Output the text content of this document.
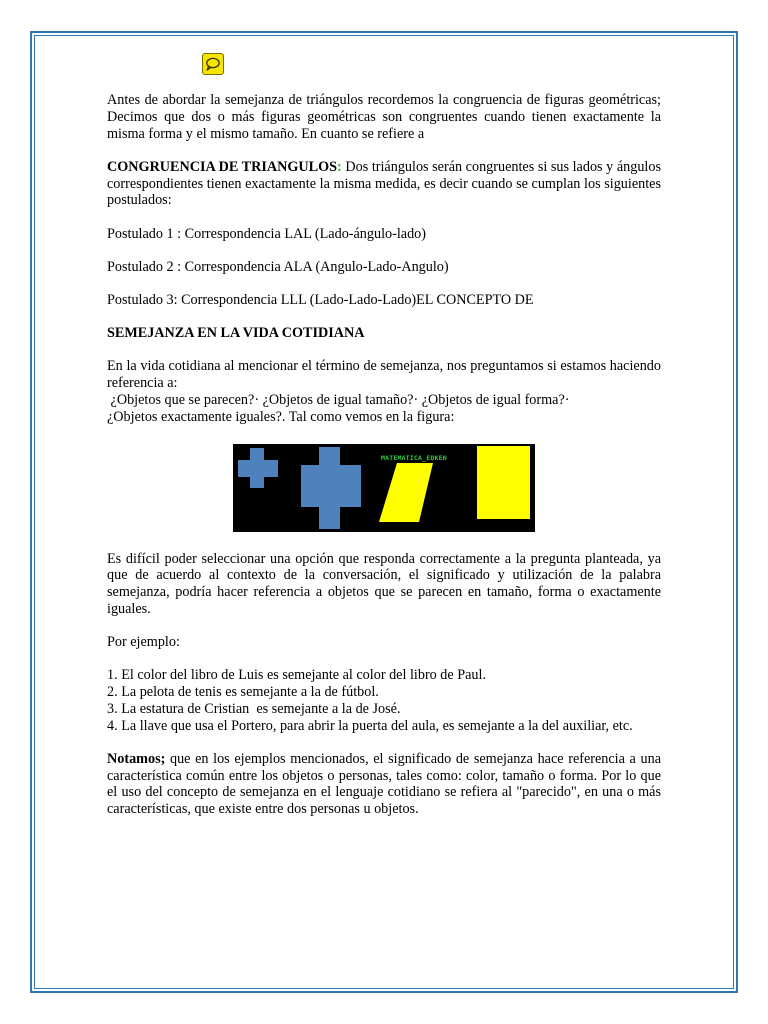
Antes de abordar la semejanza de triángulos recordemos la congruencia de figuras geométricas; Decimos que dos o más figuras geométricas son congruentes cuando tienen exactamente la misma forma y el mismo tamaño. En cuanto se refiere a

CONGRUENCIA DE TRIANGULOS: Dos triángulos serán congruentes si sus lados y ángulos correspondientes tienen exactamente la misma medida, es decir cuando se cumplan los siguientes postulados:

Postulado 1 : Correspondencia LAL (Lado-ángulo-lado)

Postulado 2 : Correspondencia ALA (Angulo-Lado-Angulo)

Postulado 3: Correspondencia LLL (Lado-Lado-Lado)EL CONCEPTO DE

SEMEJANZA EN LA VIDA COTIDIANA

En la vida cotidiana al mencionar el término de semejanza, nos preguntamos si estamos haciendo referencia a:
¿Objetos que se parecen?· ¿Objetos de igual tamaño?· ¿Objetos de igual forma?·
¿Objetos exactamente iguales?. Tal como vemos en la figura:
MATEMATICA_EDKEN

Es difícil poder seleccionar una opción que responda correctamente a la pregunta planteada, ya que de acuerdo al contexto de la conversación, el significado y utilización de la palabra semejanza, podría hacer referencia a objetos que se parecen en tamaño, forma o exactamente iguales.

Por ejemplo:

1. El color del libro de Luis es semejante al color del libro de Paul.
2. La pelota de tenis es semejante a la de fútbol.
3. La estatura de Cristian  es semejante a la de José.
4. La llave que usa el Portero, para abrir la puerta del aula, es semejante a la del auxiliar, etc.

Notamos; que en los ejemplos mencionados, el significado de semejanza hace referencia a una característica común entre los objetos o personas, tales como: color, tamaño o forma. Por lo que el uso del concepto de semejanza en el lenguaje cotidiano se refiera al "parecido", en una o más características, que existe entre dos personas u objetos.
